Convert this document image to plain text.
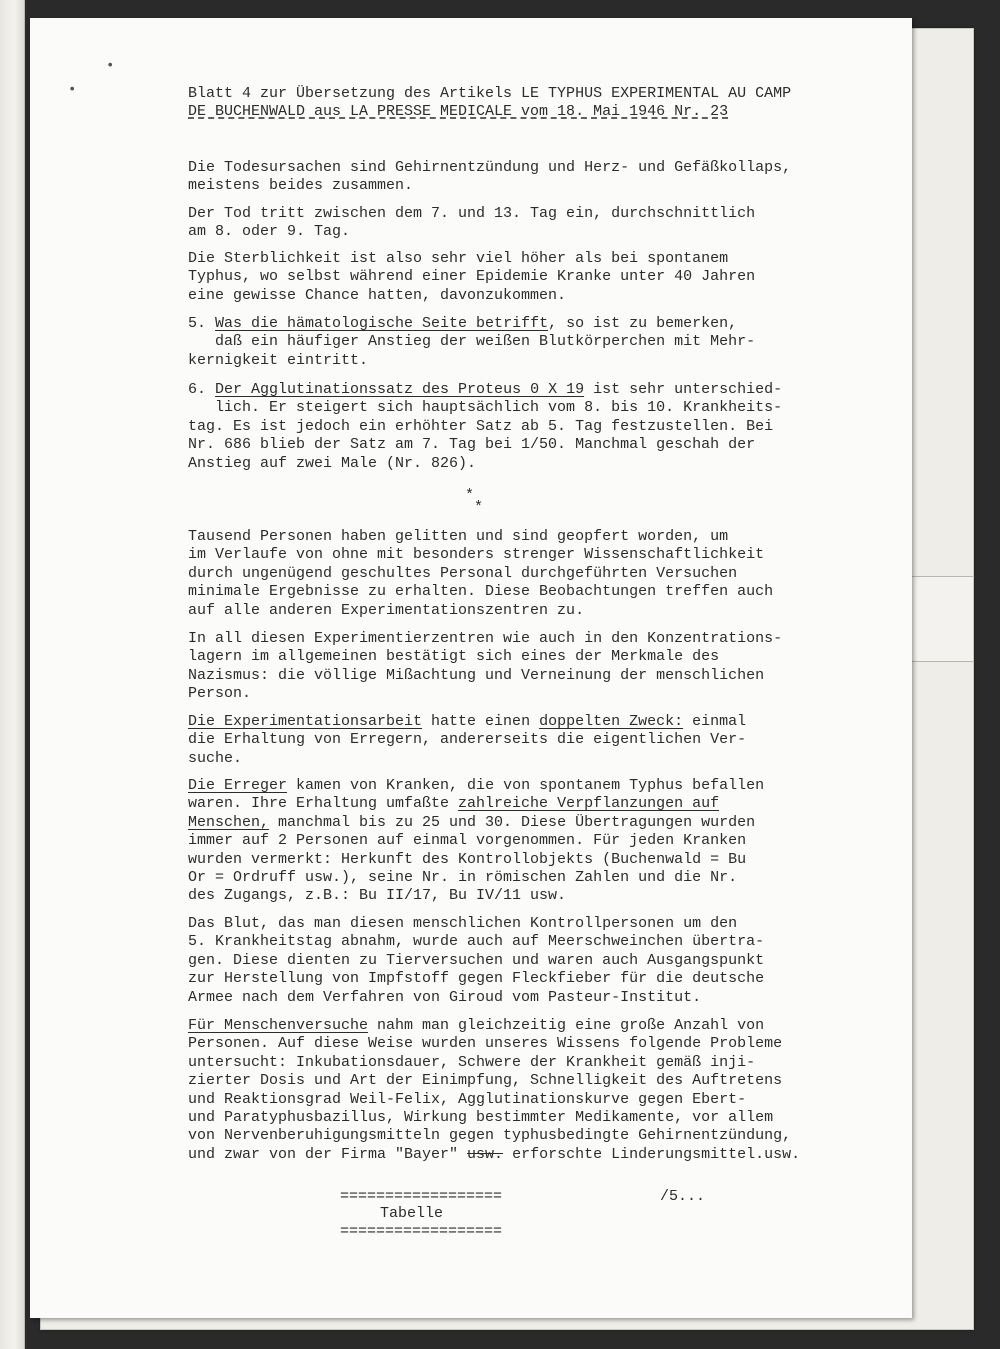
•
•	Blatt 4 zur Übersetzung des Artikels LE TYPHUS EXPERIMENTAL AU CAMP
DE BUCHENWALD aus LA PRESSE MEDICALE vom 18. Mai 1946 Nr. 23
Die Todesursachen sind Gehirnentzündung und Herz- und Gefäßkollaps,
meistens beides zusammen.
Der Tod tritt zwischen dem 7. und 13. Tag ein, durchschnittlich
am 8. oder 9. Tag.
Die Sterblichkeit ist also sehr viel höher als bei spontanem
Typhus, wo selbst während einer Epidemie Kranke unter 40 Jahren
eine gewisse Chance hatten, davonzukommen.
5. Was die hämatologische Seite betrifft, so ist zu bemerken,
daß ein häufiger Anstieg der weißen Blutkörperchen mit Mehr-
kernigkeit eintritt.
6. Der Agglutinationssatz des Proteus 0 X 19 ist sehr unterschied-
lich. Er steigert sich hauptsächlich vom 8. bis 10. Krankheits-
tag. Es ist jedoch ein erhöhter Satz ab 5. Tag festzustellen. Bei
Nr. 686 blieb der Satz am 7. Tag bei 1/50. Manchmal geschah der
Anstieg auf zwei Male (Nr. 826).
*
*
Tausend Personen haben gelitten und sind geopfert worden, um
im Verlaufe von ohne mit besonders strenger Wissenschaftlichkeit
durch ungenügend geschultes Personal durchgeführten Versuchen
minimale Ergebnisse zu erhalten. Diese Beobachtungen treffen auch
auf alle anderen Experimentationszentren zu.
In all diesen Experimentierzentren wie auch in den Konzentrations-
lagern im allgemeinen bestätigt sich eines der Merkmale des
Nazismus: die völlige Mißachtung und Verneinung der menschlichen
Person.
Die Experimentationsarbeit hatte einen doppelten Zweck: einmal
die Erhaltung von Erregern, andererseits die eigentlichen Ver-
suche.
Die Erreger kamen von Kranken, die von spontanem Typhus befallen
waren. Ihre Erhaltung umfaßte zahlreiche Verpflanzungen auf
Menschen, manchmal bis zu 25 und 30. Diese Übertragungen wurden
immer auf 2 Personen auf einmal vorgenommen. Für jeden Kranken
wurden vermerkt: Herkunft des Kontrollobjekts (Buchenwald = Bu
Or = Ordruff usw.), seine Nr. in römischen Zahlen und die Nr.
des Zugangs, z.B.: Bu II/17, Bu IV/11 usw.
Das Blut, das man diesen menschlichen Kontrollpersonen um den
5. Krankheitstag abnahm, wurde auch auf Meerschweinchen übertra-
gen. Diese dienten zu Tierversuchen und waren auch Ausgangspunkt
zur Herstellung von Impfstoff gegen Fleckfieber für die deutsche
Armee nach dem Verfahren von Giroud vom Pasteur-Institut.
Für Menschenversuche nahm man gleichzeitig eine große Anzahl von
Personen. Auf diese Weise wurden unseres Wissens folgende Probleme
untersucht: Inkubationsdauer, Schwere der Krankheit gemäß inji-
zierter Dosis und Art der Einimpfung, Schnelligkeit des Auftretens
und Reaktionsgrad Weil-Felix, Agglutinationskurve gegen Ebert-
und Paratyphusbazillus, Wirkung bestimmter Medikamente, vor allem
von Nervenberuhigungsmitteln gegen typhusbedingte Gehirnentzündung,
und zwar von der Firma "Bayer" usw. erforschte Linderungsmittel.usw.
==================
Tabelle
==================
/5...
